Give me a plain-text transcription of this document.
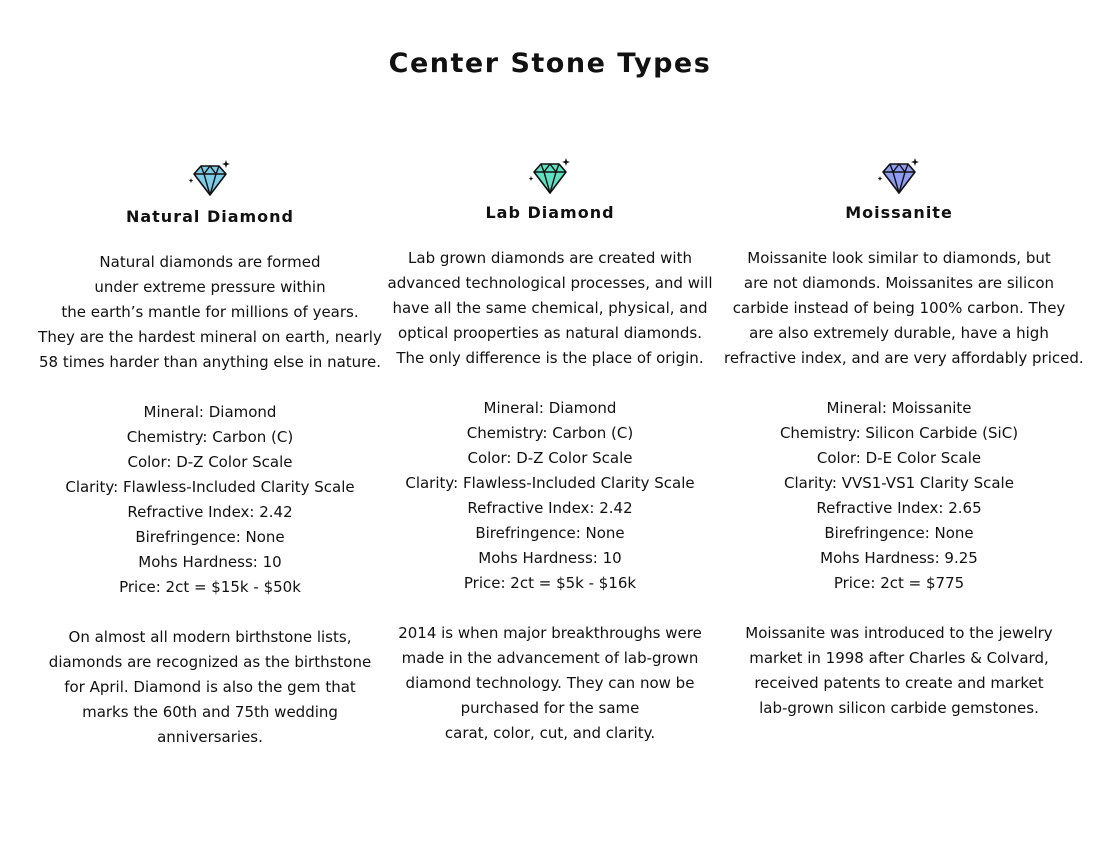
Center Stone Types
Natural Diamond
Natural diamonds are formed
under extreme pressure within
the earth’s mantle for millions of years.
They are the hardest mineral on earth, nearly
58 times harder than anything else in nature.
Mineral: Diamond
Chemistry: Carbon (C)
Color: D-Z Color Scale
Clarity: Flawless-Included Clarity Scale
Refractive Index: 2.42
Birefringence: None
Mohs Hardness: 10
Price: 2ct = $15k - $50k
On almost all modern birthstone lists,
diamonds are recognized as the birthstone
for April. Diamond is also the gem that
marks the 60th and 75th wedding
anniversaries.
Lab Diamond
Lab grown diamonds are created with
advanced technological processes, and will
have all the same chemical, physical, and
optical prooperties as natural diamonds.
The only difference is the place of origin.
Mineral: Diamond
Chemistry: Carbon (C)
Color: D-Z Color Scale
Clarity: Flawless-Included Clarity Scale
Refractive Index: 2.42
Birefringence: None
Mohs Hardness: 10
Price: 2ct = $5k - $16k
2014 is when major breakthroughs were
made in the advancement of lab-grown
diamond technology. They can now be
purchased for the same
carat, color, cut, and clarity.
Moissanite
Moissanite look similar to diamonds, but
are not diamonds. Moissanites are silicon
carbide instead of being 100% carbon. They
are also extremely durable, have a high
refractive index, and are very affordably priced.
Mineral: Moissanite
Chemistry: Silicon Carbide (SiC)
Color: D-E Color Scale
Clarity: VVS1-VS1 Clarity Scale
Refractive Index: 2.65
Birefringence: None
Mohs Hardness: 9.25
Price: 2ct = $775
Moissanite was introduced to the jewelry
market in 1998 after Charles & Colvard,
received patents to create and market
lab-grown silicon carbide gemstones.
